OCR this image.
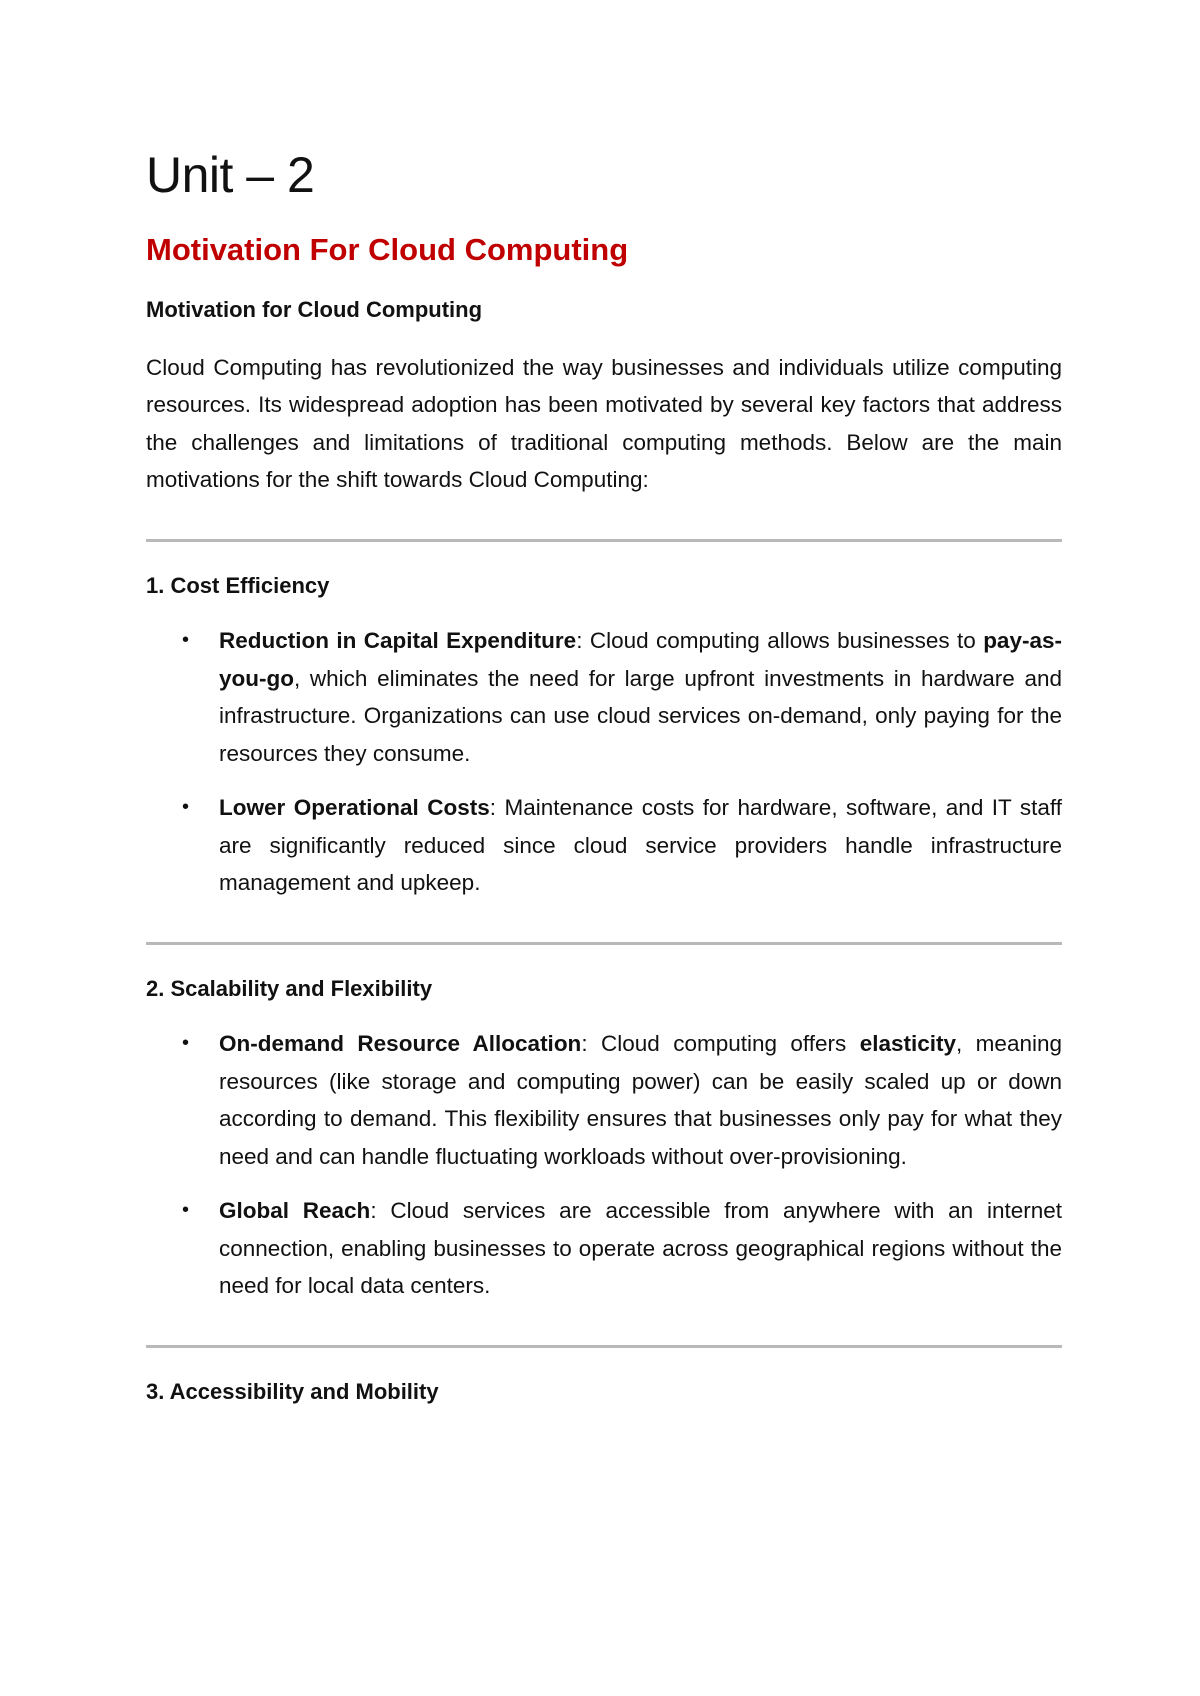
Unit – 2
Motivation For Cloud Computing
Motivation for Cloud Computing

Cloud Computing has revolutionized the way businesses and individuals utilize computing resources. Its widespread adoption has been motivated by several key factors that address the challenges and limitations of traditional computing methods. Below are the main motivations for the shift towards Cloud Computing:

1. Cost Efficiency
• Reduction in Capital Expenditure: Cloud computing allows businesses to pay-as-you-go, which eliminates the need for large upfront investments in hardware and infrastructure. Organizations can use cloud services on-demand, only paying for the resources they consume.
• Lower Operational Costs: Maintenance costs for hardware, software, and IT staff are significantly reduced since cloud service providers handle infrastructure management and upkeep.
2. Scalability and Flexibility
• On-demand Resource Allocation: Cloud computing offers elasticity, meaning resources (like storage and computing power) can be easily scaled up or down according to demand. This flexibility ensures that businesses only pay for what they need and can handle fluctuating workloads without over-provisioning.
• Global Reach: Cloud services are accessible from anywhere with an internet connection, enabling businesses to operate across geographical regions without the need for local data centers.
3. Accessibility and Mobility
